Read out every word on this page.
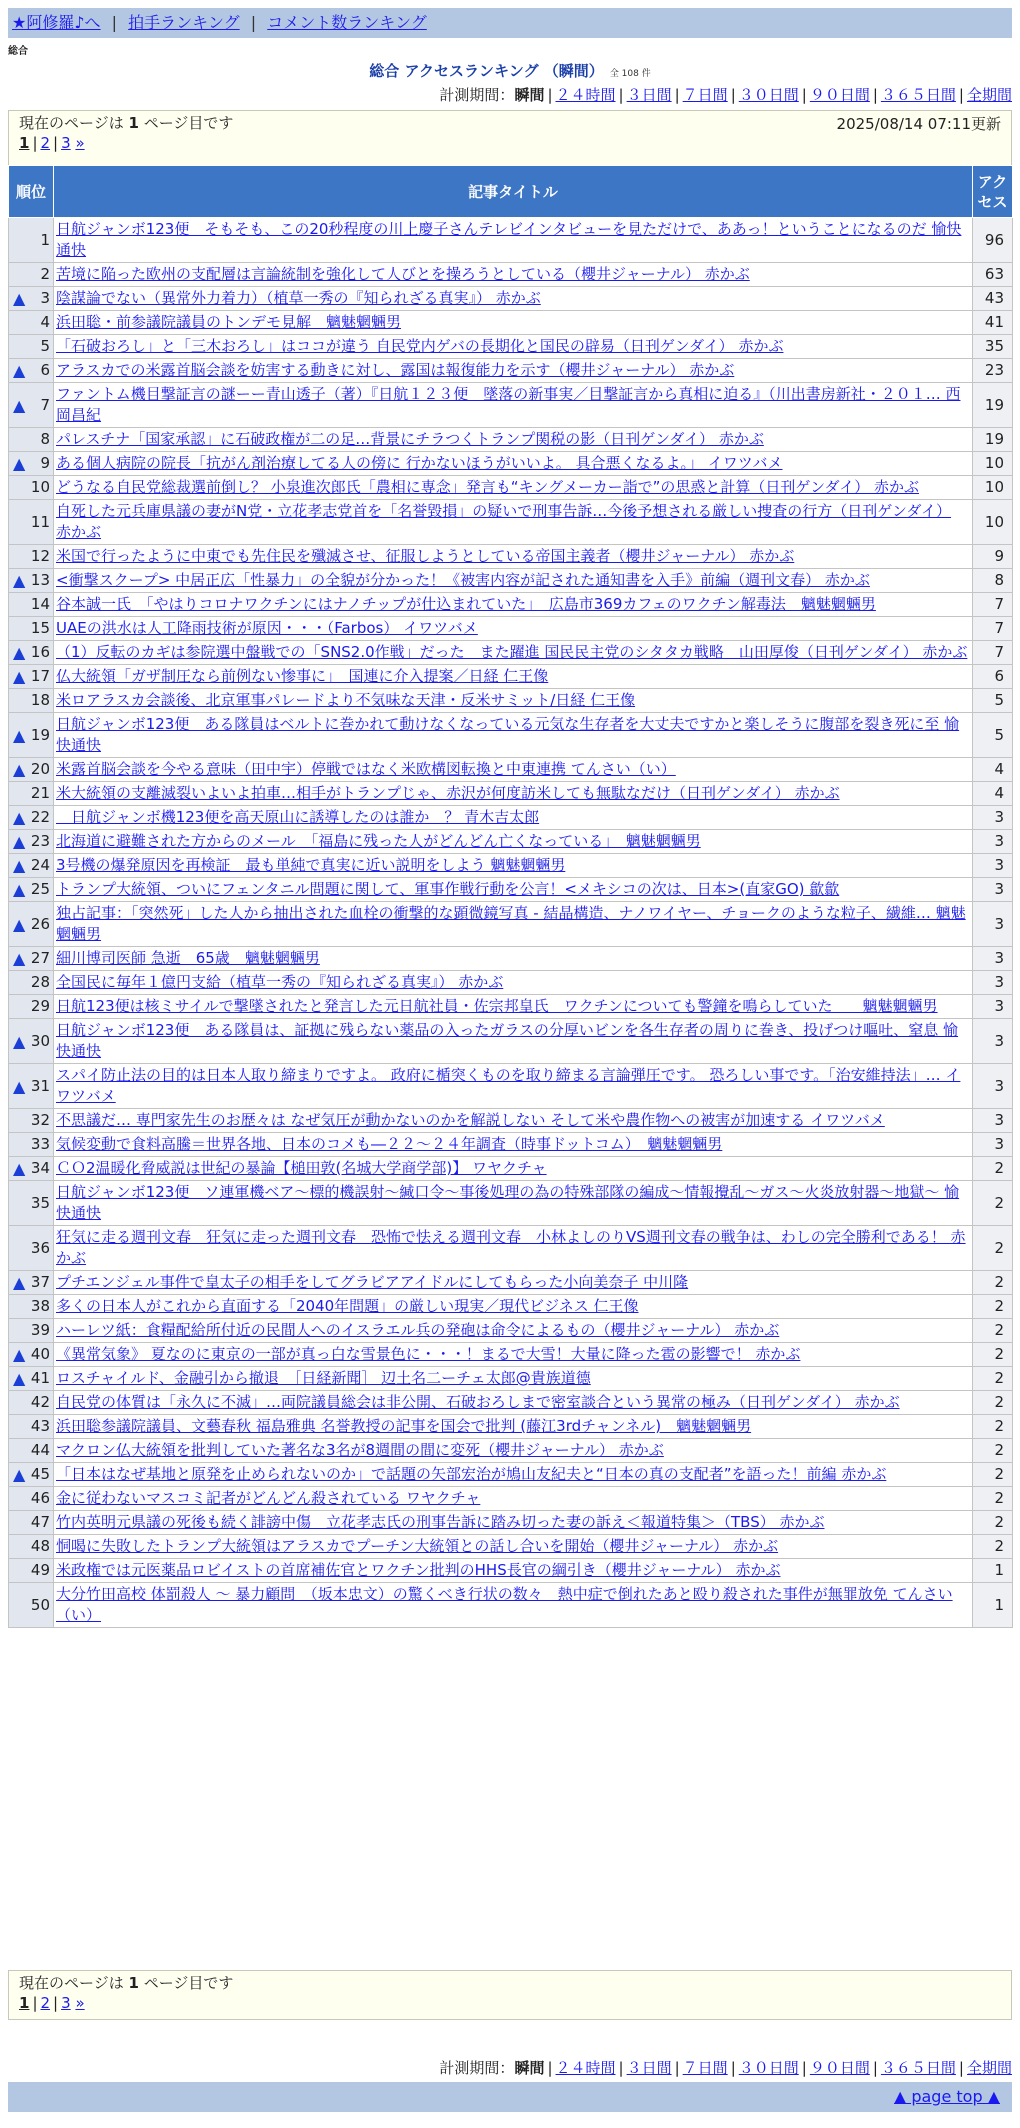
★阿修羅♪へ | 拍手ランキング | コメント数ランキング
総合
総合 アクセスランキング （瞬間） 全 108 件
計測期間：瞬間 | ２４時間 | ３日間 | ７日間 | ３０日間 | ９０日間 | ３６５日間 | 全期間
現在のページは 1 ページ目です	2025/08/14 07:11更新
1 | 2 | 3 »
順位	記事タイトル	アクセス
1	日航ジャンボ123便　そもそも、この20秒程度の川上慶子さんテレビインタビューを見ただけで、ああっ！ということになるのだ 愉快通快	96
2	苦境に陥った欧州の支配層は言論統制を強化して人びとを操ろうとしている（櫻井ジャーナル） 赤かぶ	63

▲ 3	陰謀論でない（異常外力着力）（植草一秀の『知られざる真実』） 赤かぶ	43
4	浜田聡・前参議院議員のトンデモ見解　魑魅魍魎男	41
5	「石破おろし」と「三木おろし」はココが違う 自民党内ゲバの長期化と国民の辟易（日刊ゲンダイ） 赤かぶ	35

▲ 6	アラスカでの米露首脳会談を妨害する動きに対し、露国は報復能力を示す（櫻井ジャーナル） 赤かぶ	23

▲ 7	ファントム機目撃証言の謎ーー青山透子（著）『日航１２３便　墜落の新事実／目撃証言から真相に迫る』（川出書房新社・２０１… 西岡昌紀	19
8	パレスチナ「国家承認」に石破政権が二の足…背景にチラつくトランプ関税の影（日刊ゲンダイ） 赤かぶ	19

▲ 9	ある個人病院の院長「抗がん剤治療してる人の傍に 行かないほうがいいよ。 具合悪くなるよ。」 イワツバメ	10
10	どうなる自民党総裁選前倒し？ 小泉進次郎氏「農相に専念」発言も“キングメーカー詣で”の思惑と計算（日刊ゲンダイ） 赤かぶ	10
11	自死した元兵庫県議の妻がN党・立花孝志党首を「名誉毀損」の疑いで刑事告訴…今後予想される厳しい捜査の行方（日刊ゲンダイ） 赤かぶ	10
12	米国で行ったように中東でも先住民を殲滅させ、征服しようとしている帝国主義者（櫻井ジャーナル） 赤かぶ	9

▲ 13	<衝撃スクープ> 中居正広「性暴力」の全貌が分かった！《被害内容が記された通知書を入手》前編（週刊文春） 赤かぶ	8
14	谷本誠一氏　「やはりコロナワクチンにはナノチップが仕込まれていた」　広島市369カフェのワクチン解毒法　魑魅魍魎男	7
15	UAEの洪水は人工降雨技術が原因・・・（Farbos） イワツバメ	7

▲ 16	（1）反転のカギは参院選中盤戦での「SNS2.0作戦」だった　また躍進 国民民主党のシタタカ戦略　山田厚俊（日刊ゲンダイ） 赤かぶ	7

▲ 17	仏大統領「ガザ制圧なら前例ない惨事に」　国連に介入提案／日経 仁王像	6
18	米ロアラスカ会談後、北京軍事パレードより不気味な天津・反米サミット/日経 仁王像	5

▲ 19	日航ジャンボ123便　ある隊員はベルトに巻かれて動けなくなっている元気な生存者を大丈夫ですかと楽しそうに腹部を裂き死に至 愉快通快	5

▲ 20	米露首脳会談を今やる意味（田中宇）停戦ではなく米欧構図転換と中東連携 てんさい（い）	4
21	米大統領の支離滅裂いよいよ拍車…相手がトランプじゃ、赤沢が何度訪米しても無駄なだけ（日刊ゲンダイ） 赤かぶ	4

▲ 22	　日航ジャンボ機123便を高天原山に誘導したのは誰か　？ 青木吉太郎	3

▲ 23	北海道に避難された方からのメール　「福島に残った人がどんどん亡くなっている」　魑魅魍魎男	3

▲ 24	3号機の爆発原因を再検証　最も単純で真実に近い説明をしよう 魑魅魍魎男	3

▲ 25	トランプ大統領、ついにフェンタニル問題に関して、軍事作戦行動を公言！<メキシコの次は、日本>(直家GO) 歙歙	3

▲ 26	独占記事：「突然死」した人から抽出された血栓の衝撃的な顕微鏡写真 - 結晶構造、ナノワイヤー、チョークのような粒子、繊維… 魑魅魍魎男	3

▲ 27	細川博司医師 急逝　65歳　魑魅魍魎男	3
28	全国民に毎年１億円支給（植草一秀の『知られざる真実』） 赤かぶ	3
29	日航123便は核ミサイルで撃墜されたと発言した元日航社員・佐宗邦皇氏　ワクチンについても警鐘を鳴らしていた　　魑魅魍魎男	3

▲ 30	日航ジャンボ123便　ある隊員は、証拠に残らない薬品の入ったガラスの分厚いビンを各生存者の周りに巻き、投げつけ嘔吐、窒息 愉快通快	3

▲ 31	スパイ防止法の目的は日本人取り締まりですよ。 政府に楯突くものを取り締まる言論弾圧です。 恐ろしい事です。「治安維持法」… イワツバメ	3
32	不思議だ… 専門家先生のお歴々は なぜ気圧が動かないのかを解説しない そして米や農作物への被害が加速する イワツバメ	3
33	気候変動で食料高騰＝世界各地、日本のコメも―２２～２４年調査（時事ドットコム）　魑魅魍魎男	3

▲ 34	ＣＯ2温暖化脅威説は世紀の暴論【槌田敦(名城大学商学部)】 ワヤクチャ	2
35	日航ジャンボ123便　ソ連軍機ベア～標的機誤射～緘口令～事後処理の為の特殊部隊の編成～情報攪乱～ガス～火炎放射器～地獄～ 愉快通快	2
36	狂気に走る週刊文春　狂気に走った週刊文春　恐怖で怯える週刊文春　小林よしのりVS週刊文春の戦争は、わしの完全勝利である！ 赤かぶ	2

▲ 37	プチエンジェル事件で皇太子の相手をしてグラビアアイドルにしてもらった小向美奈子 中川隆	2
38	多くの日本人がこれから直面する「2040年問題」の厳しい現実／現代ビジネス 仁王像	2
39	ハーレツ紙：食糧配給所付近の民間人へのイスラエル兵の発砲は命令によるもの（櫻井ジャーナル） 赤かぶ	2

▲ 40	《異常気象》 夏なのに東京の一部が真っ白な雪景色に・・・！まるで大雪！大量に降った雹の影響で！ 赤かぶ	2

▲ 41	ロスチャイルド、金融引から撤退　［日経新聞］ 辺土名二ーチェ太郎@貴族道德	2
42	自民党の体質は「永久に不滅」…両院議員総会は非公開、石破おろしまで密室談合という異常の極み（日刊ゲンダイ） 赤かぶ	2
43	浜田聡参議院議員、文藝春秋 福島雅典 名誉教授の記事を国会で批判 (藤江3rdチャンネル)　魑魅魍魎男	2
44	マクロン仏大統領を批判していた著名な3名が8週間の間に変死（櫻井ジャーナル） 赤かぶ	2

▲ 45	「日本はなぜ基地と原発を止められないのか」で話題の矢部宏治が鳩山友紀夫と“日本の真の支配者”を語った！前編 赤かぶ	2
46	金に従わないマスコミ記者がどんどん殺されている ワヤクチャ	2
47	竹内英明元県議の死後も続く誹謗中傷　立花孝志氏の刑事告訴に踏み切った妻の訴え＜報道特集＞（TBS） 赤かぶ	2
48	恫喝に失敗したトランプ大統領はアラスカでプーチン大統領との話し合いを開始（櫻井ジャーナル） 赤かぶ	2
49	米政権では元医薬品ロビイストの首席補佐官とワクチン批判のHHS長官の綱引き（櫻井ジャーナル） 赤かぶ	1
50	大分竹田高校 体罰殺人 ～ 暴力顧問　（坂本忠文）の驚くべき行状の数々　熱中症で倒れたあと殴り殺された事件が無罪放免 てんさい（い）	1
現在のページは 1 ページ目です
1 | 2 | 3 »
計測期間：瞬間 | ２４時間 | ３日間 | ７日間 | ３０日間 | ９０日間 | ３６５日間 | 全期間
▲ page top ▲
